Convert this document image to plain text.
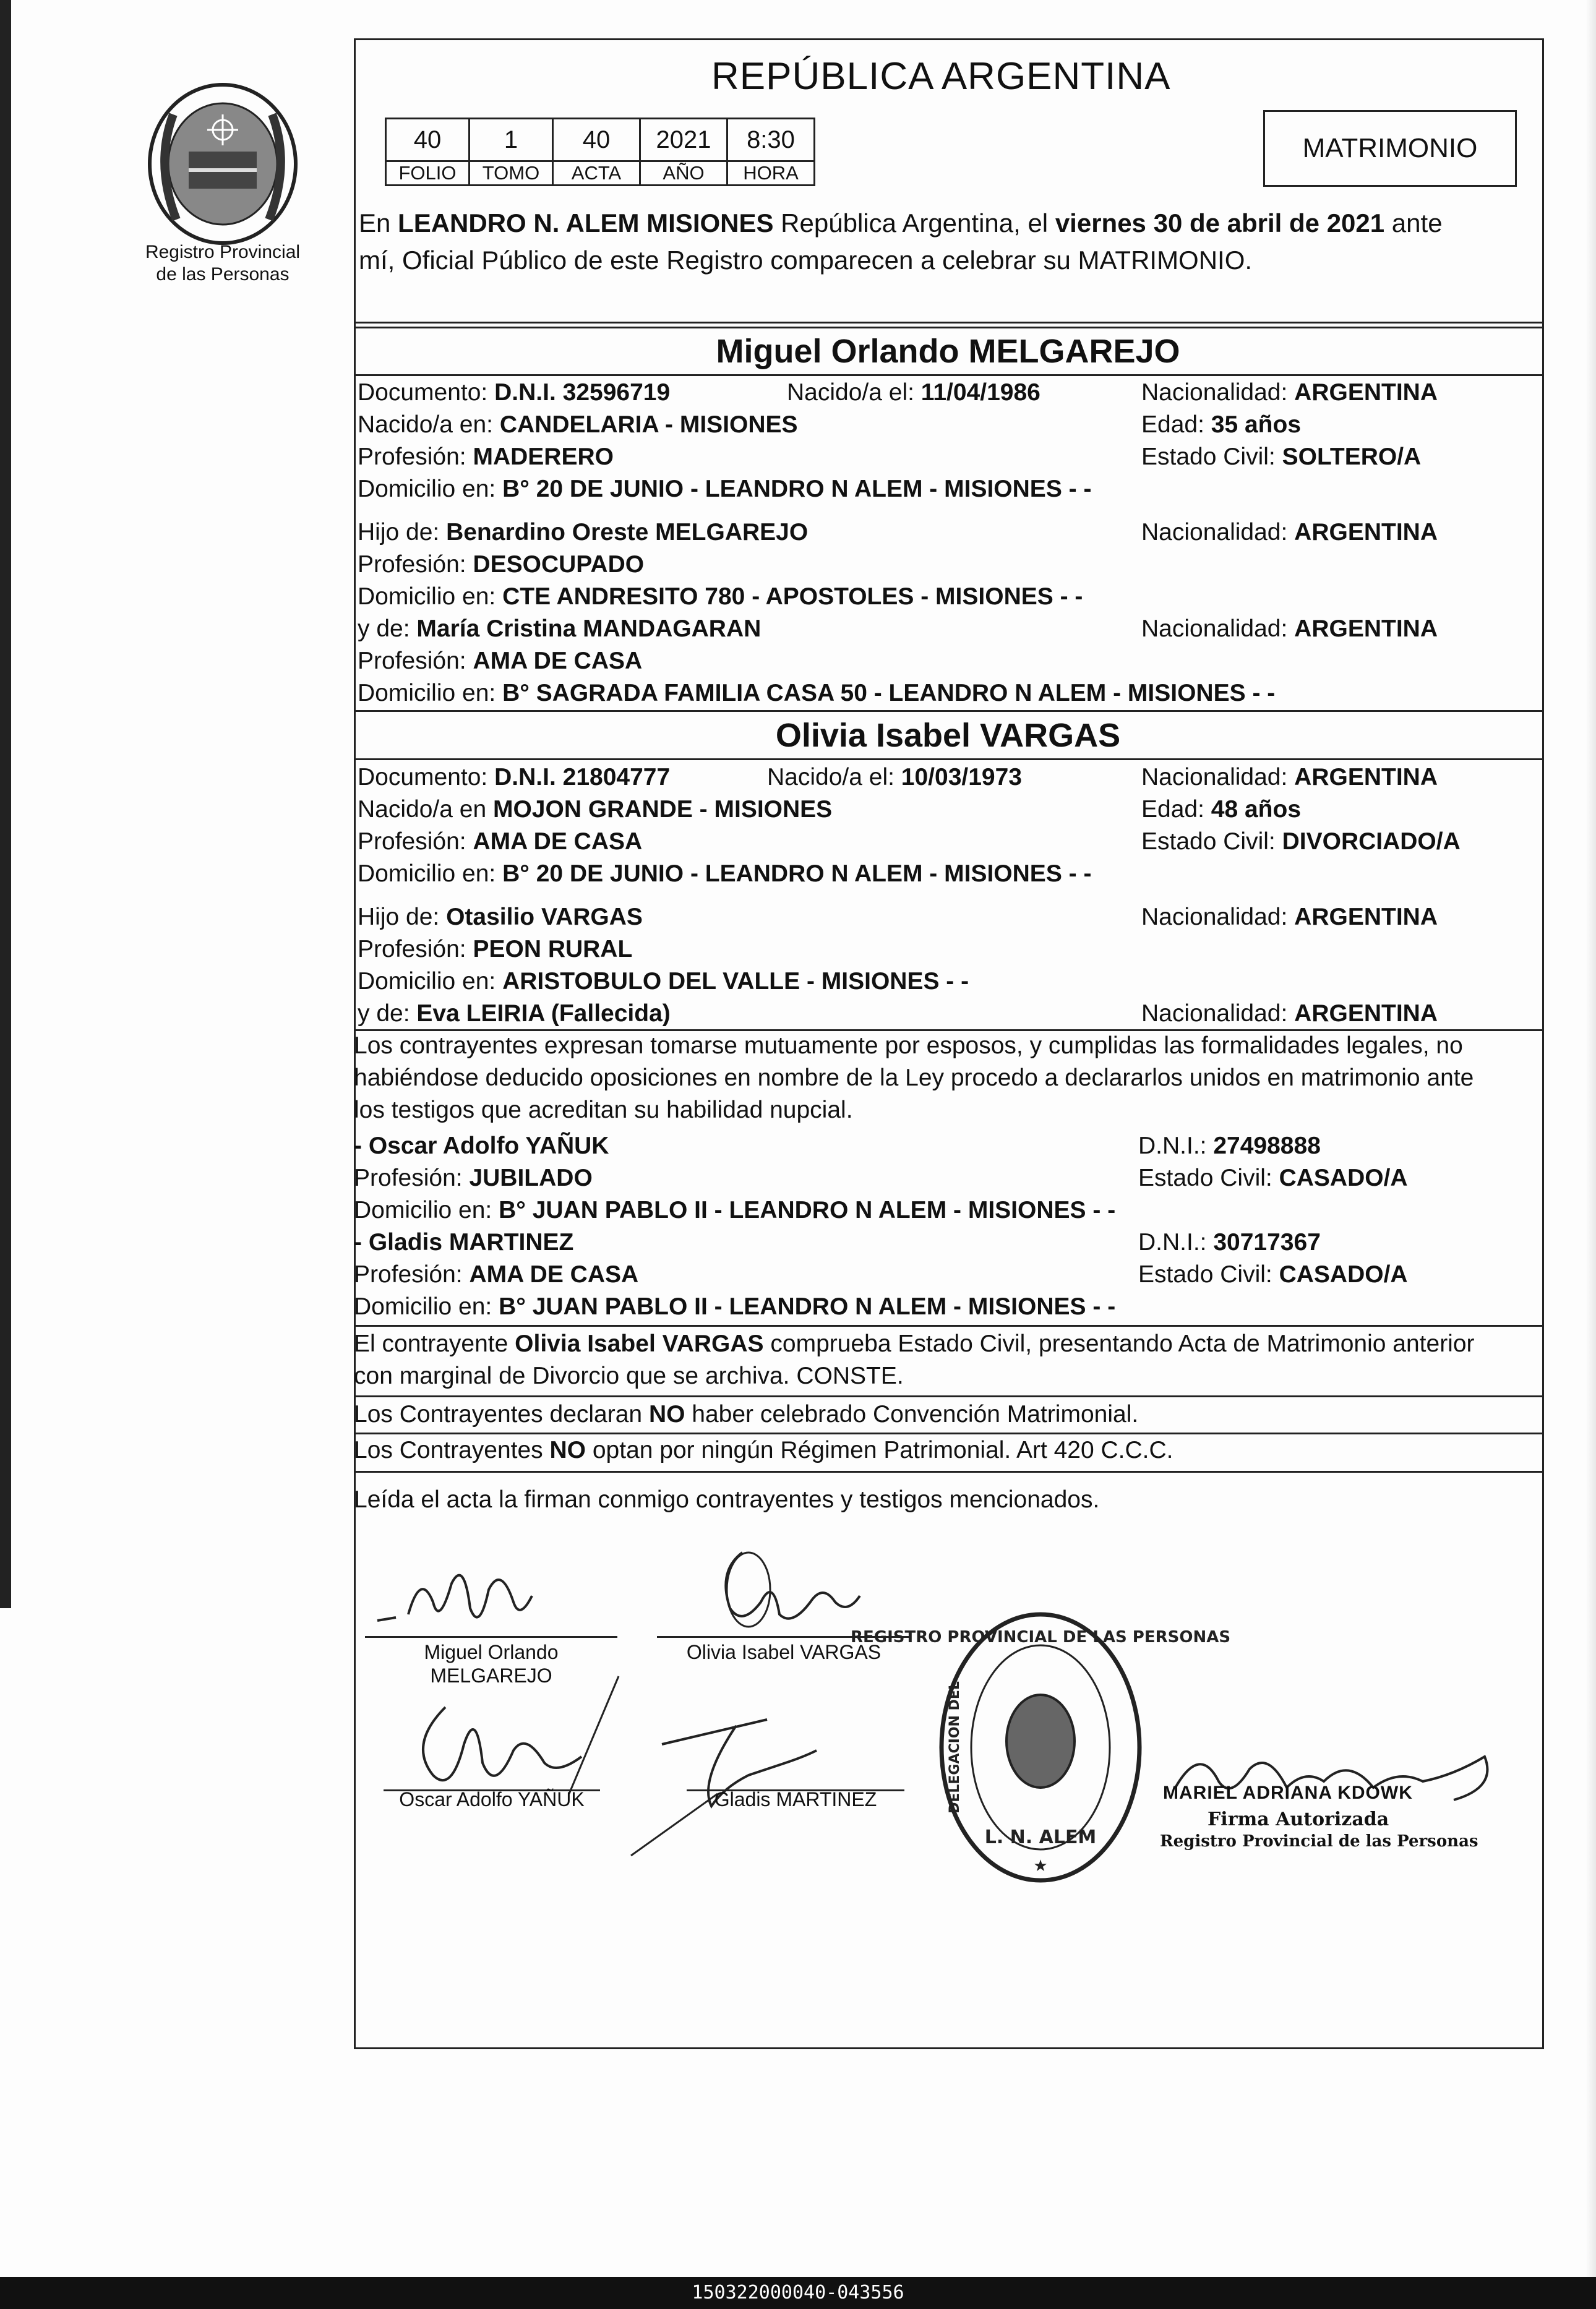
Registro Provincial
de las Personas
REPÚBLICA ARGENTINA
40	1	40	2021	8:30
FOLIO	TOMO	ACTA	AÑO	HORA
MATRIMONIO
En LEANDRO N. ALEM MISIONES República Argentina, el viernes 30 de abril de 2021 ante
mí, Oficial Público de este Registro comparecen a celebrar su MATRIMONIO.
Miguel Orlando MELGAREJO
Documento: D.N.I. 32596719	Nacido/a el: 11/04/1986	Nacionalidad: ARGENTINA
Nacido/a en: CANDELARIA - MISIONES	Edad: 35 años
Profesión: MADERERO	Estado Civil: SOLTERO/A
Domicilio en: B° 20 DE JUNIO - LEANDRO N ALEM - MISIONES - -
Hijo de: Benardino Oreste MELGAREJO	Nacionalidad: ARGENTINA
Profesión: DESOCUPADO
Domicilio en: CTE ANDRESITO 780 - APOSTOLES - MISIONES - -
y de: María Cristina MANDAGARAN	Nacionalidad: ARGENTINA
Profesión: AMA DE CASA
Domicilio en: B° SAGRADA FAMILIA CASA 50 - LEANDRO N ALEM - MISIONES - -
Olivia Isabel VARGAS
Documento: D.N.I. 21804777	Nacido/a el: 10/03/1973	Nacionalidad: ARGENTINA
Nacido/a en MOJON GRANDE - MISIONES	Edad: 48 años
Profesión: AMA DE CASA	Estado Civil: DIVORCIADO/A
Domicilio en: B° 20 DE JUNIO - LEANDRO N ALEM - MISIONES - -
Hijo de: Otasilio VARGAS	Nacionalidad: ARGENTINA
Profesión: PEON RURAL
Domicilio en: ARISTOBULO DEL VALLE - MISIONES - -
y de: Eva LEIRIA (Fallecida)	Nacionalidad: ARGENTINA
Los contrayentes expresan tomarse mutuamente por esposos, y cumplidas las formalidades legales, no
habiéndose deducido oposiciones en nombre de la Ley procedo a declararlos unidos en matrimonio ante
los testigos que acreditan su habilidad nupcial.
- Oscar Adolfo YAÑUK	D.N.I.: 27498888
Profesión: JUBILADO	Estado Civil: CASADO/A
Domicilio en: B° JUAN PABLO II - LEANDRO N ALEM - MISIONES - -
- Gladis MARTINEZ	D.N.I.: 30717367
Profesión: AMA DE CASA	Estado Civil: CASADO/A
Domicilio en: B° JUAN PABLO II - LEANDRO N ALEM - MISIONES - -
El contrayente Olivia Isabel VARGAS comprueba Estado Civil, presentando Acta de Matrimonio anterior
con marginal de Divorcio que se archiva. CONSTE.
Los Contrayentes declaran NO haber celebrado Convención Matrimonial.
Los Contrayentes NO optan por ningún Régimen Patrimonial. Art 420 C.C.C.
Leída el acta la firman conmigo contrayentes y testigos mencionados.
Miguel Orlando
MELGAREJO
Olivia Isabel VARGAS
Oscar Adolfo YAÑUK	Gladis MARTINEZ
REGISTRO PROVINCIAL DE LAS PERSONAS
DELEGACION DEL
L. N. ALEM
★
MARIEL ADRIANA KDOWK
Firma Autorizada
Registro Provincial de las Personas
150322000040-043556
